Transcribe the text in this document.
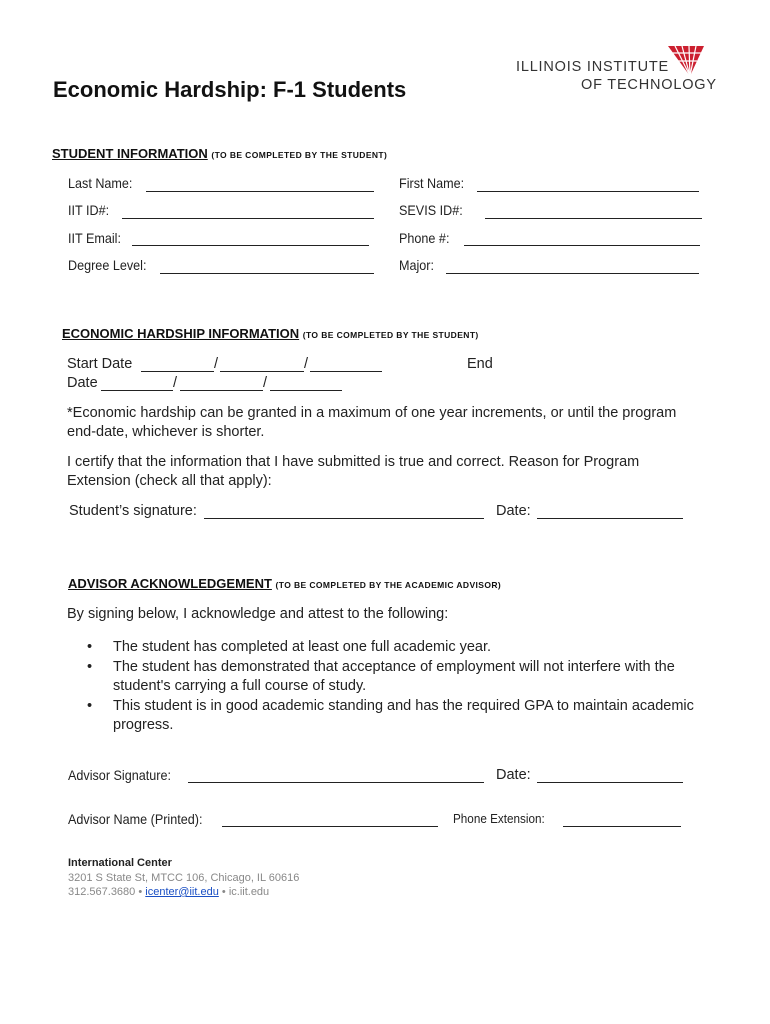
Economic Hardship: F-1 Students
ILLINOIS INSTITUTE
OF TECHNOLOGY
STUDENT INFORMATION (TO BE COMPLETED BY THE STUDENT)
Last Name:	First Name:
IIT ID#:	SEVIS ID#:
IIT Email:	Phone #:
Degree Level:	Major:
ECONOMIC HARDSHIP INFORMATION (TO BE COMPLETED BY THE STUDENT)
Start Date	/	/	End
Date	/	/
*Economic hardship can be granted in a maximum of one year increments, or until the program
end-date, whichever is shorter.
I certify that the information that I have submitted is true and correct. Reason for Program
Extension (check all that apply):
Student’s signature:	Date:
ADVISOR ACKNOWLEDGEMENT (TO BE COMPLETED BY THE ACADEMIC ADVISOR)
By signing below, I acknowledge and attest to the following:
•	The student has completed at least one full academic year.
•	The student has demonstrated that acceptance of employment will not interfere with the student's carrying a full course of study.
•	This student is in good academic standing and has the required GPA to maintain academic progress.
Advisor Signature:	Date:
Advisor Name (Printed):	Phone Extension:
International Center
3201 S State St, MTCC 106, Chicago, IL 60616
312.567.3680 • icenter@iit.edu • ic.iit.edu
